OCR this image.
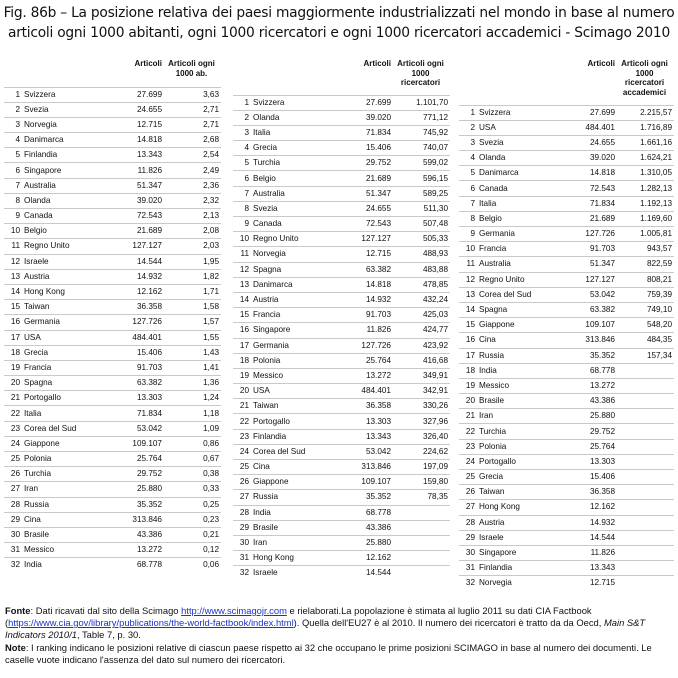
Fig. 86b – La posizione relativa dei paesi maggiormente industrializzati nel mondo in base al numero articoli ogni 1000 abitanti, ogni 1000 ricercatori e ogni 1000 ricercatori accademici - Scimago 2010
		Articoli	Articoli ogni 1000 ab.
1	Svizzera	27.699	3,63
2	Svezia	24.655	2,71
3	Norvegia	12.715	2,71
4	Danimarca	14.818	2,68
5	Finlandia	13.343	2,54
6	Singapore	11.826	2,49
7	Australia	51.347	2,36
8	Olanda	39.020	2,32
9	Canada	72.543	2,13
10	Belgio	21.689	2,08
11	Regno Unito	127.127	2,03
12	Israele	14.544	1,95
13	Austria	14.932	1,82
14	Hong Kong	12.162	1,71
15	Taiwan	36.358	1,58
16	Germania	127.726	1,57
17	USA	484.401	1,55
18	Grecia	15.406	1,43
19	Francia	91.703	1,41
20	Spagna	63.382	1,36
21	Portogallo	13.303	1,24
22	Italia	71.834	1,18
23	Corea del Sud	53.042	1,09
24	Giappone	109.107	0,86
25	Polonia	25.764	0,67
26	Turchia	29.752	0,38
27	Iran	25.880	0,33
28	Russia	35.352	0,25
29	Cina	313.846	0,23
30	Brasile	43.386	0,21
31	Messico	13.272	0,12
32	India	68.778	0,06
		Articoli	Articoli ogni 1000 ricercatori
1	Svizzera	27.699	1.101,70
2	Olanda	39.020	771,12
3	Italia	71.834	745,92
4	Grecia	15.406	740,07
5	Turchia	29.752	599,02
6	Belgio	21.689	596,15
7	Australia	51.347	589,25
8	Svezia	24.655	511,30
9	Canada	72.543	507,48
10	Regno Unito	127.127	505,33
11	Norvegia	12.715	488,93
12	Spagna	63.382	483,88
13	Danimarca	14.818	478,85
14	Austria	14.932	432,24
15	Francia	91.703	425,03
16	Singapore	11.826	424,77
17	Germania	127.726	423,92
18	Polonia	25.764	416,68
19	Messico	13.272	349,91
20	USA	484.401	342,91
21	Taiwan	36.358	330,26
22	Portogallo	13.303	327,96
23	Finlandia	13.343	326,40
24	Corea del Sud	53.042	224,62
25	Cina	313.846	197,09
26	Giappone	109.107	159,80
27	Russia	35.352	78,35
28	India	68.778	
29	Brasile	43.386	
30	Iran	25.880	
31	Hong Kong	12.162	
32	Israele	14.544	
		Articoli	Articoli ogni 1000 ricercatori accademici
1	Svizzera	27.699	2.215,57
2	USA	484.401	1.716,89
3	Svezia	24.655	1.661,16
4	Olanda	39.020	1.624,21
5	Danimarca	14.818	1.310,05
6	Canada	72.543	1.282,13
7	Italia	71.834	1.192,13
8	Belgio	21.689	1.169,60
9	Germania	127.726	1.005,81
10	Francia	91.703	943,57
11	Australia	51.347	822,59
12	Regno Unito	127.127	808,21
13	Corea del Sud	53.042	759,39
14	Spagna	63.382	749,10
15	Giappone	109.107	548,20
16	Cina	313.846	484,35
17	Russia	35.352	157,34
18	India	68.778	
19	Messico	13.272	
20	Brasile	43.386	
21	Iran	25.880	
22	Turchia	29.752	
23	Polonia	25.764	
24	Portogallo	13.303	
25	Grecia	15.406	
26	Taiwan	36.358	
27	Hong Kong	12.162	
28	Austria	14.932	
29	Israele	14.544	
30	Singapore	11.826	
31	Finlandia	13.343	
32	Norvegia	12.715	
Fonte: Dati ricavati dal sito della Scimago http://www.scimagojr.com e rielaborati.La popolazione è stimata al luglio 2011 su dati CIA Factbook (https://www.cia.gov/library/publications/the-world-factbook/index.html). Quella dell'EU27 è al 2010. Il numero dei ricercatori è tratto da da Oecd, Main S&T Indicators 2010/1, Table 7, p. 30.
Note: I ranking indicano le posizioni relative di ciascun paese rispetto ai 32 che occupano le prime posizioni SCIMAGO in base al numero dei documenti. Le caselle vuote indicano l'assenza del dato sul numero dei ricercatori.
